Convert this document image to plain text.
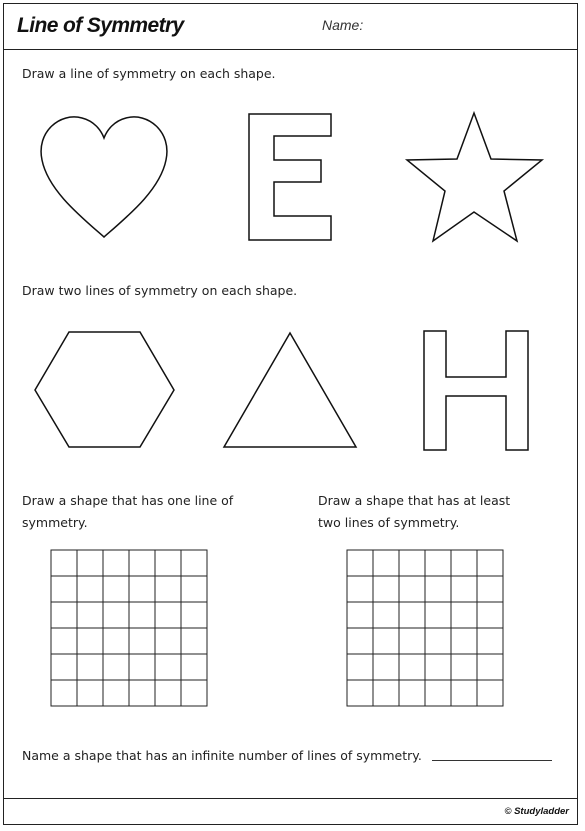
Line of Symmetry	Name:
Draw a line of symmetry on each shape.
Draw two lines of symmetry on each shape.
Draw a shape that has one line of symmetry.
Draw a shape that has at least two lines of symmetry.
Name a shape that has an infinite number of lines of symmetry.
© Studyladder
